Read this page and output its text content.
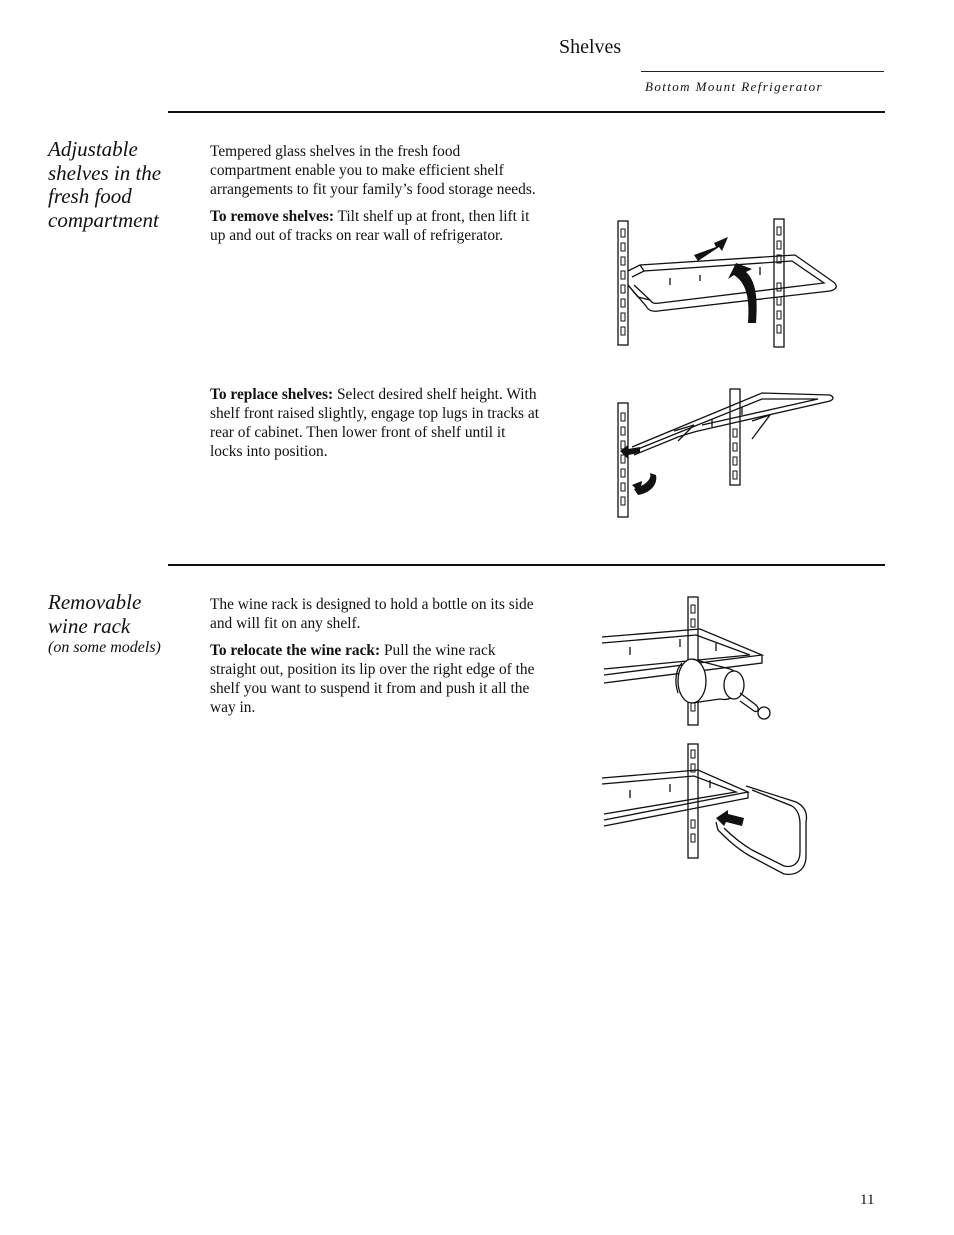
Shelves
Bottom Mount Refrigerator
Adjustable shelves in the fresh food compartment

Tempered glass shelves in the fresh food compartment enable you to make efficient shelf arrangements to fit your family’s food storage needs.

To remove shelves: Tilt shelf up at front, then lift it up and out of tracks on rear wall of refrigerator.

To replace shelves: Select desired shelf height. With shelf front raised slightly, engage top lugs in tracks at rear of cabinet. Then lower front of shelf until it locks into position.

Removable wine rack
(on some models)

The wine rack is designed to hold a bottle on its side and will fit on any shelf.

To relocate the wine rack: Pull the wine rack straight out, position its lip over the right edge of the shelf you want to suspend it from and push it all the way in.

11
